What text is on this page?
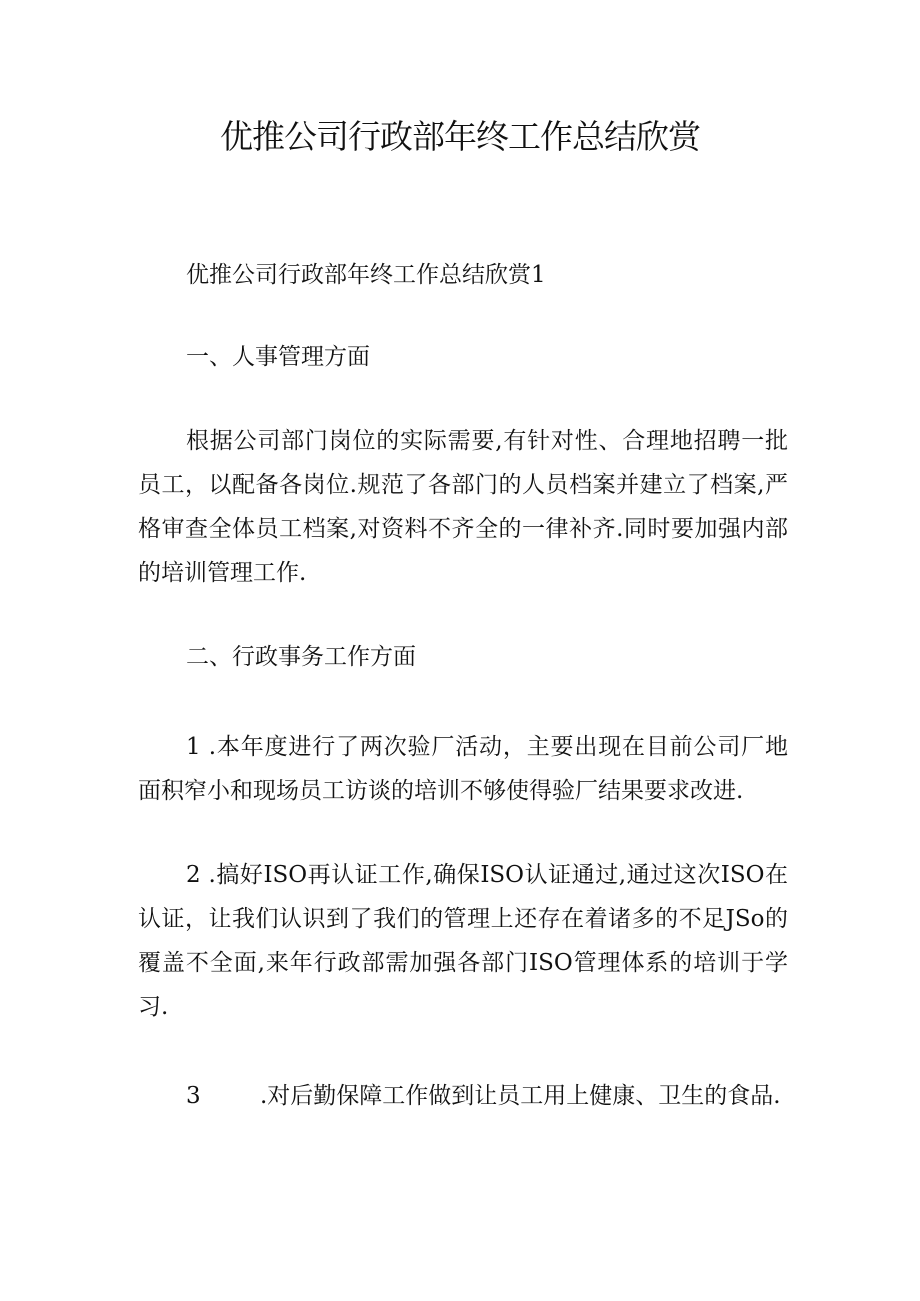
优推公司行政部年终工作总结欣赏

优推公司行政部年终工作总结欣赏1

一、人事管理方面

根据公司部门岗位的实际需要,有针对性、合理地招聘一批员工，以配备各岗位.规范了各部门的人员档案并建立了档案,严格审查全体员工档案,对资料不齐全的一律补齐.同时要加强内部的培训管理工作.

二、行政事务工作方面

1 .本年度进行了两次验厂活动，主要出现在目前公司厂地面积窄小和现场员工访谈的培训不够使得验厂结果要求改进.

2 .搞好ISO再认证工作,确保ISO认证通过,通过这次ISO在认证，让我们认识到了我们的管理上还存在着诸多的不足JSo的覆盖不全面,来年行政部需加强各部门ISO管理体系的培训于学习.

3	.对后勤保障工作做到让员工用上健康、卫生的食品.
